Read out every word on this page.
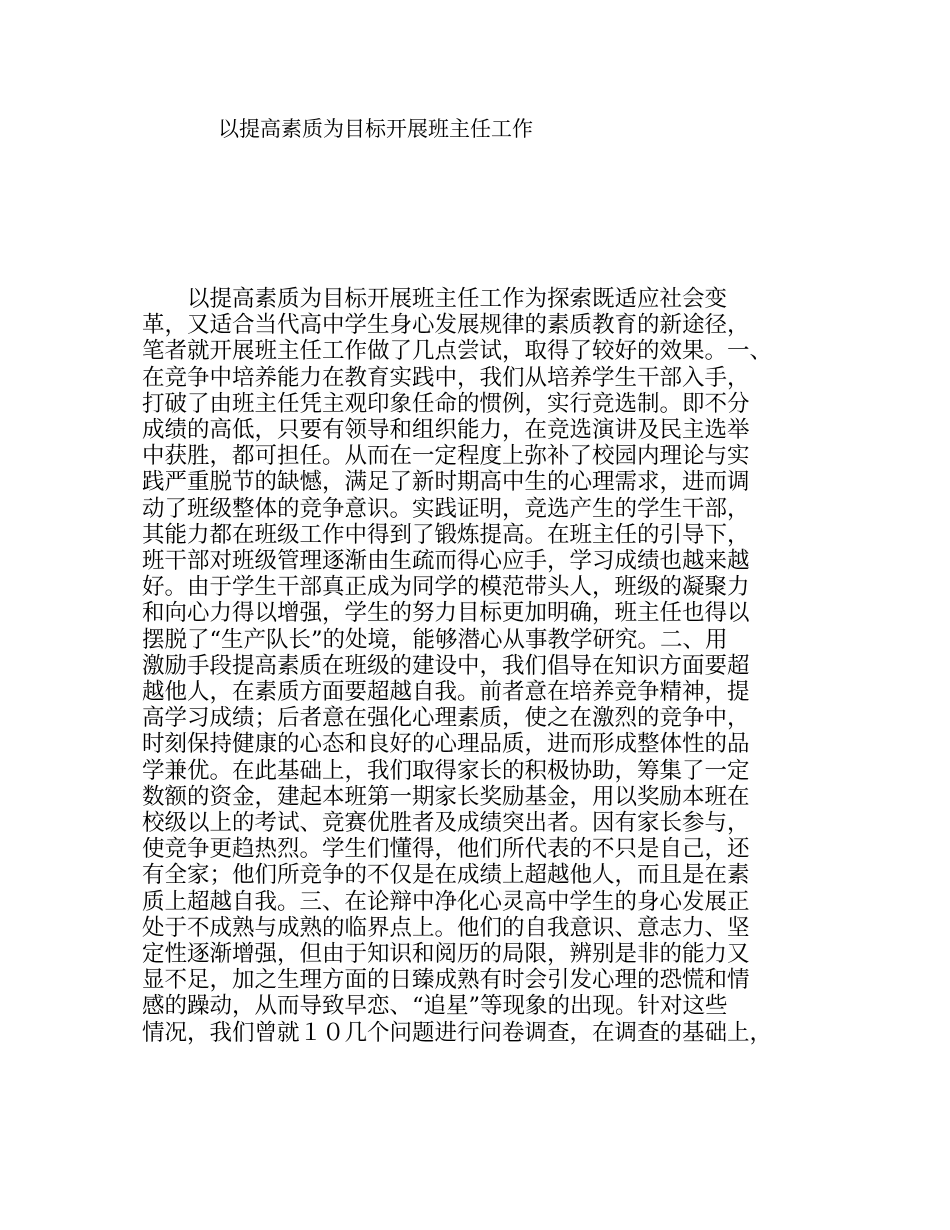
以提高素质为目标开展班主任工作
　　以提高素质为目标开展班主任工作为探索既适应社会变
革，又适合当代高中学生身心发展规律的素质教育的新途径，
笔者就开展班主任工作做了几点尝试，取得了较好的效果。一、
在竞争中培养能力在教育实践中，我们从培养学生干部入手，
打破了由班主任凭主观印象任命的惯例，实行竞选制。即不分
成绩的高低，只要有领导和组织能力，在竞选演讲及民主选举
中获胜，都可担任。从而在一定程度上弥补了校园内理论与实
践严重脱节的缺憾，满足了新时期高中生的心理需求，进而调
动了班级整体的竞争意识。实践证明，竞选产生的学生干部，
其能力都在班级工作中得到了锻炼提高。在班主任的引导下，
班干部对班级管理逐渐由生疏而得心应手，学习成绩也越来越
好。由于学生干部真正成为同学的模范带头人，班级的凝聚力
和向心力得以增强，学生的努力目标更加明确，班主任也得以
摆脱了“生产队长”的处境，能够潜心从事教学研究。二、用
激励手段提高素质在班级的建设中，我们倡导在知识方面要超
越他人，在素质方面要超越自我。前者意在培养竞争精神，提
高学习成绩；后者意在强化心理素质，使之在激烈的竞争中，
时刻保持健康的心态和良好的心理品质，进而形成整体性的品
学兼优。在此基础上，我们取得家长的积极协助，筹集了一定
数额的资金，建起本班第一期家长奖励基金，用以奖励本班在
校级以上的考试、竞赛优胜者及成绩突出者。因有家长参与，
使竞争更趋热烈。学生们懂得，他们所代表的不只是自己，还
有全家；他们所竞争的不仅是在成绩上超越他人，而且是在素
质上超越自我。三、在论辩中净化心灵高中学生的身心发展正
处于不成熟与成熟的临界点上。他们的自我意识、意志力、坚
定性逐渐增强，但由于知识和阅历的局限，辨别是非的能力又
显不足，加之生理方面的日臻成熟有时会引发心理的恐慌和情
感的躁动，从而导致早恋、“追星”等现象的出现。针对这些
情况，我们曾就１０几个问题进行问卷调查，在调查的基础上，
